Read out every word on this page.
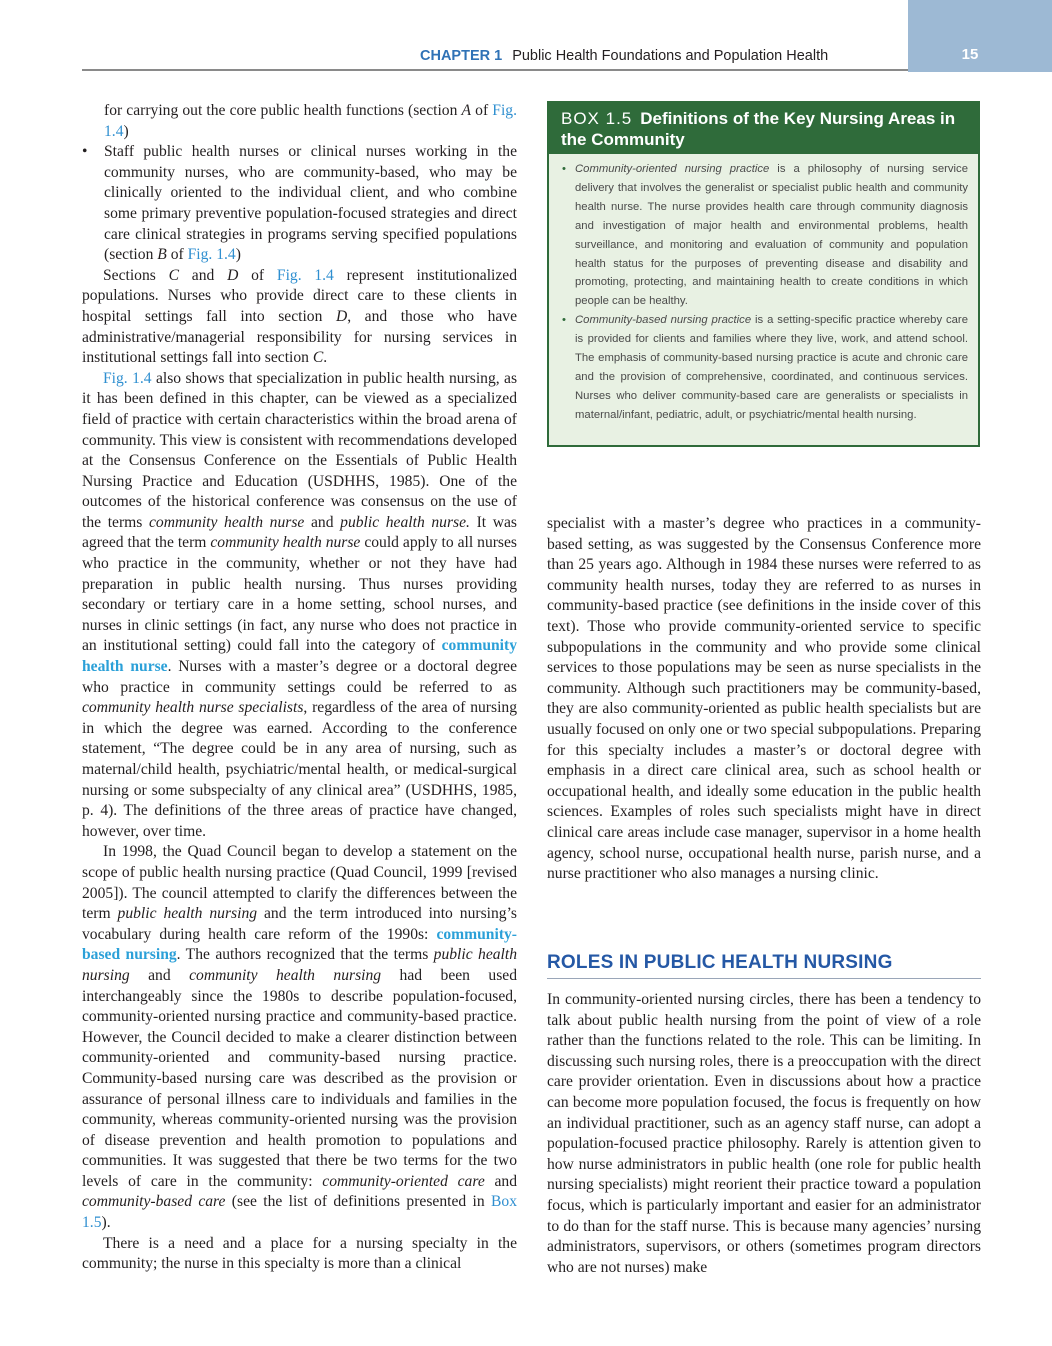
15
CHAPTER 1 Public Health Foundations and Population Health

for carrying out the core public health functions (section A of Fig. 1.4)

• Staff public health nurses or clinical nurses working in the community nurses, who are community-based, who may be clinically oriented to the individual client, and who combine some primary preventive population-focused strategies and direct care clinical strategies in programs serving specified populations (section B of Fig. 1.4)

Sections C and D of Fig. 1.4 represent institutionalized populations. Nurses who provide direct care to these clients in hospital settings fall into section D, and those who have administrative/managerial responsibility for nursing services in institutional settings fall into section C.

Fig. 1.4 also shows that specialization in public health nursing, as it has been defined in this chapter, can be viewed as a specialized field of practice with certain characteristics within the broad arena of community. This view is consistent with recommendations developed at the Consensus Conference on the Essentials of Public Health Nursing Practice and Education (USDHHS, 1985). One of the outcomes of the historical conference was consensus on the use of the terms community health nurse and public health nurse. It was agreed that the term community health nurse could apply to all nurses who practice in the community, whether or not they have had preparation in public health nursing. Thus nurses providing secondary or tertiary care in a home setting, school nurses, and nurses in clinic settings (in fact, any nurse who does not practice in an institutional setting) could fall into the category of community health nurse. Nurses with a master’s degree or a doctoral degree who practice in community settings could be referred to as community health nurse specialists, regardless of the area of nursing in which the degree was earned. According to the conference statement, “The degree could be in any area of nursing, such as maternal/child health, psychiatric/mental health, or medical-surgical nursing or some subspecialty of any clinical area” (USDHHS, 1985, p. 4). The definitions of the three areas of practice have changed, however, over time.

In 1998, the Quad Council began to develop a statement on the scope of public health nursing practice (Quad Council, 1999 [revised 2005]). The council attempted to clarify the differences between the term public health nursing and the term introduced into nursing’s vocabulary during health care reform of the 1990s: community-based nursing. The authors recognized that the terms public health nursing and community health nursing had been used interchangeably since the 1980s to describe population-focused, community-oriented nursing practice and community-based practice. However, the Council decided to make a clearer distinction between community-oriented and community-based nursing practice. Community-based nursing care was described as the provision or assurance of personal illness care to individuals and families in the community, whereas community-oriented nursing was the provision of disease prevention and health promotion to populations and communities. It was suggested that there be two terms for the two levels of care in the community: community-oriented care and community-based care (see the list of definitions presented in Box 1.5).

There is a need and a place for a nursing specialty in the community; the nurse in this specialty is more than a clinical

BOX 1.5 Definitions of the Key Nursing Areas in the Community
• Community-oriented nursing practice is a philosophy of nursing service delivery that involves the generalist or specialist public health and community health nurse. The nurse provides health care through community diagnosis and investigation of major health and environmental problems, health surveillance, and monitoring and evaluation of community and population health status for the purposes of preventing disease and disability and promoting, protecting, and maintaining health to create conditions in which people can be healthy.
• Community-based nursing practice is a setting-specific practice whereby care is provided for clients and families where they live, work, and attend school. The emphasis of community-based nursing practice is acute and chronic care and the provision of comprehensive, coordinated, and continuous services. Nurses who deliver community-based care are generalists or specialists in maternal/infant, pediatric, adult, or psychiatric/mental health nursing.

specialist with a master’s degree who practices in a community-based setting, as was suggested by the Consensus Conference more than 25 years ago. Although in 1984 these nurses were referred to as community health nurses, today they are referred to as nurses in community-based practice (see definitions in the inside cover of this text). Those who provide community-oriented service to specific subpopulations in the community and who provide some clinical services to those populations may be seen as nurse specialists in the community. Although such practitioners may be community-based, they are also community-oriented as public health specialists but are usually focused on only one or two special subpopulations. Preparing for this specialty includes a master’s or doctoral degree with emphasis in a direct care clinical area, such as school health or occupational health, and ideally some education in the public health sciences. Examples of roles such specialists might have in direct clinical care areas include case manager, supervisor in a home health agency, school nurse, occupational health nurse, parish nurse, and a nurse practitioner who also manages a nursing clinic.

ROLES IN PUBLIC HEALTH NURSING

In community-oriented nursing circles, there has been a tendency to talk about public health nursing from the point of view of a role rather than the functions related to the role. This can be limiting. In discussing such nursing roles, there is a preoccupation with the direct care provider orientation. Even in discussions about how a practice can become more population focused, the focus is frequently on how an individual practitioner, such as an agency staff nurse, can adopt a population-focused practice philosophy. Rarely is attention given to how nurse administrators in public health (one role for public health nursing specialists) might reorient their practice toward a population focus, which is particularly important and easier for an administrator to do than for the staff nurse. This is because many agencies’ nursing administrators, supervisors, or others (sometimes program directors who are not nurses) make
